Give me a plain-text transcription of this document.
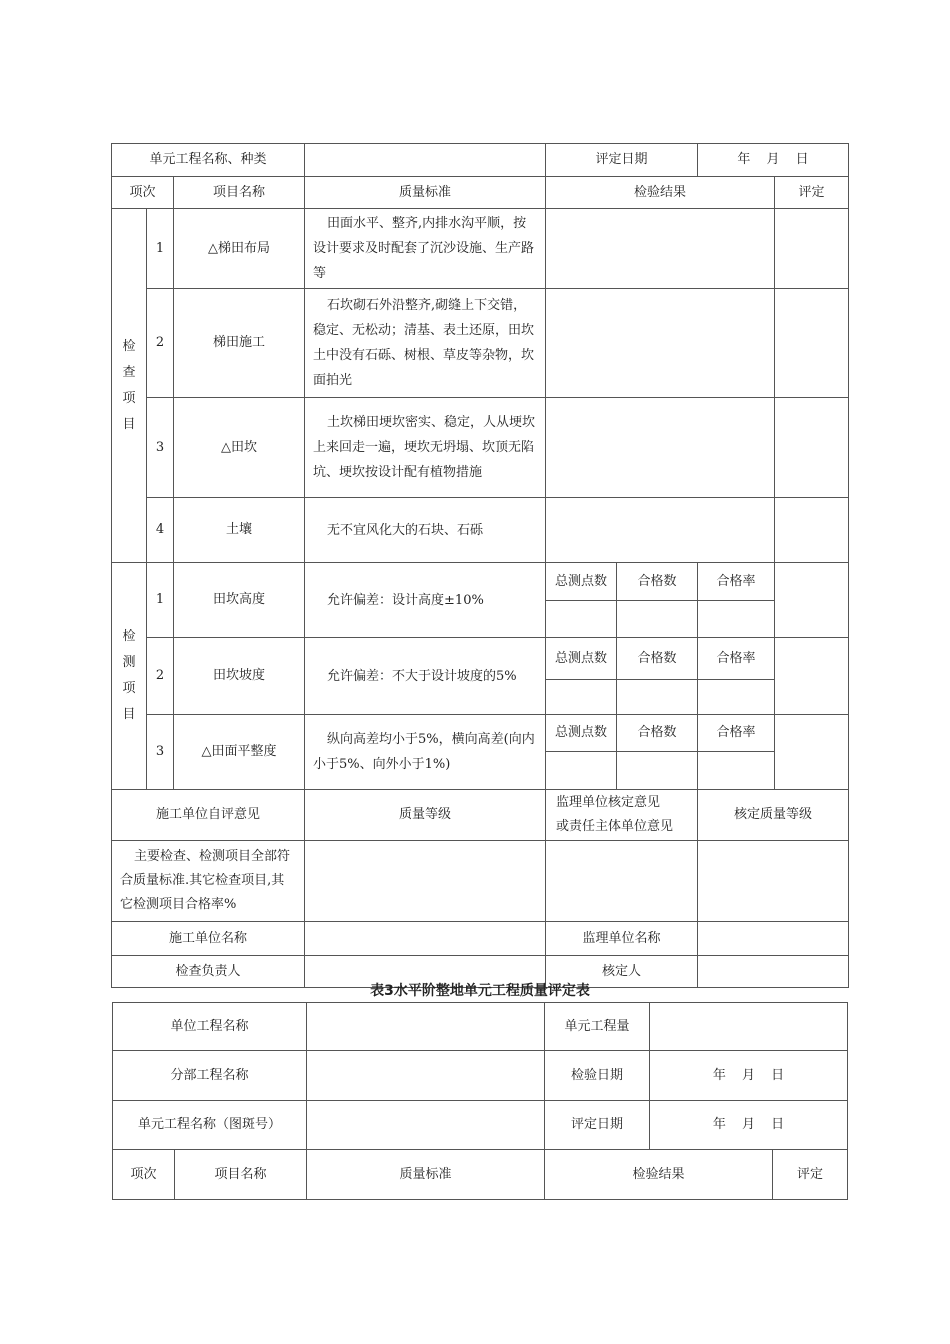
单元工程名称、种类				评定日期		年 月 日	
项次		项目名称	质量标准	检验结果			评定

检
查
项
目	1	△梯田布局	田面水平、整齐,内排水沟平顺，按设计要求及时配套了沉沙设施、生产路等				
	2	梯田施工	石坎砌石外沿整齐,砌缝上下交错，稳定、无松动；清基、表土还原，田坎土中没有石砾、树根、草皮等杂物，坎面拍光				
	3	△田坎	土坎梯田埂坎密实、稳定，人从埂坎上来回走一遍，埂坎无坍塌、坎顶无陷坑、埂坎按设计配有植物措施				
	4	土壤	无不宜风化大的石块、石砾				

检
测
项
目	1	田坎高度	允许偏差：设计高度±10%	总测点数	合格数	合格率	

	2	田坎坡度	允许偏差：不大于设计坡度的5%	总测点数	合格数	合格率	

	3	△田面平整度	纵向高差均小于5%，横向高差(向内小于5%、向外小于1%)	总测点数	合格数	合格率	

施工单位自评意见			质量等级	监理单位核定意见
或责任主体单位意见		核定质量等级	
主要检查、检测项目全部符合质量标准.其它检查项目,其它检测项目合格率%							
施工单位名称				监理单位名称			
检查负责人				核定人			
表3水平阶整地单元工程质量评定表
单位工程名称			单元工程量		
分部工程名称			检验日期	年 月 日	
单元工程名称（图斑号）			评定日期	年 月 日	
项次	项目名称	质量标准	检验结果		评定
